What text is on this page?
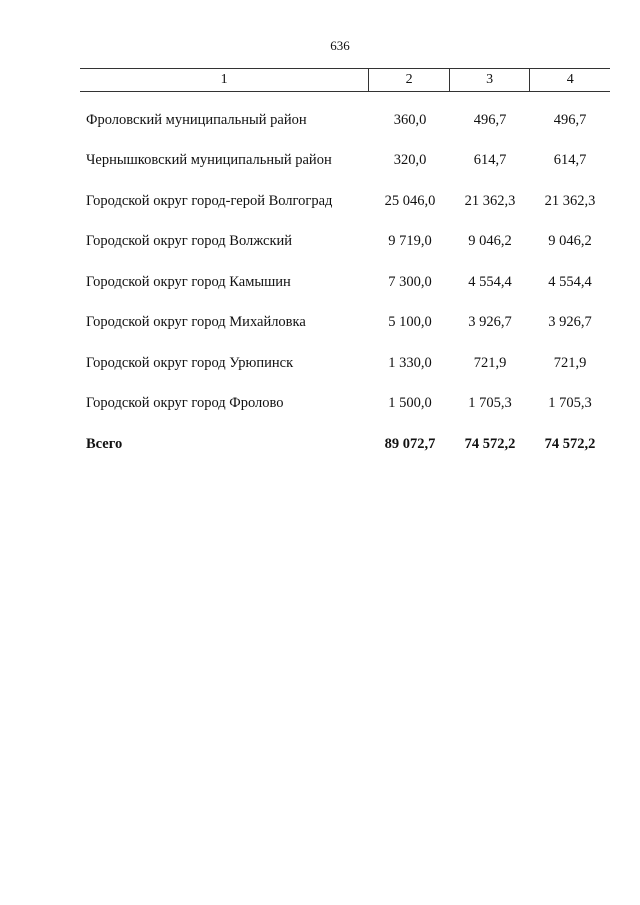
636
1	2	3	4
Фроловский муниципальный район	360,0	496,7	496,7
Чернышковский муниципальный район	320,0	614,7	614,7
Городской округ город-герой Волгоград	25 046,0	21 362,3	21 362,3
Городской округ город Волжский	9 719,0	9 046,2	9 046,2
Городской округ город Камышин	7 300,0	4 554,4	4 554,4
Городской округ город Михайловка	5 100,0	3 926,7	3 926,7
Городской округ город Урюпинск	1 330,0	721,9	721,9
Городской округ город Фролово	1 500,0	1 705,3	1 705,3
Всего	89 072,7	74 572,2	74 572,2
